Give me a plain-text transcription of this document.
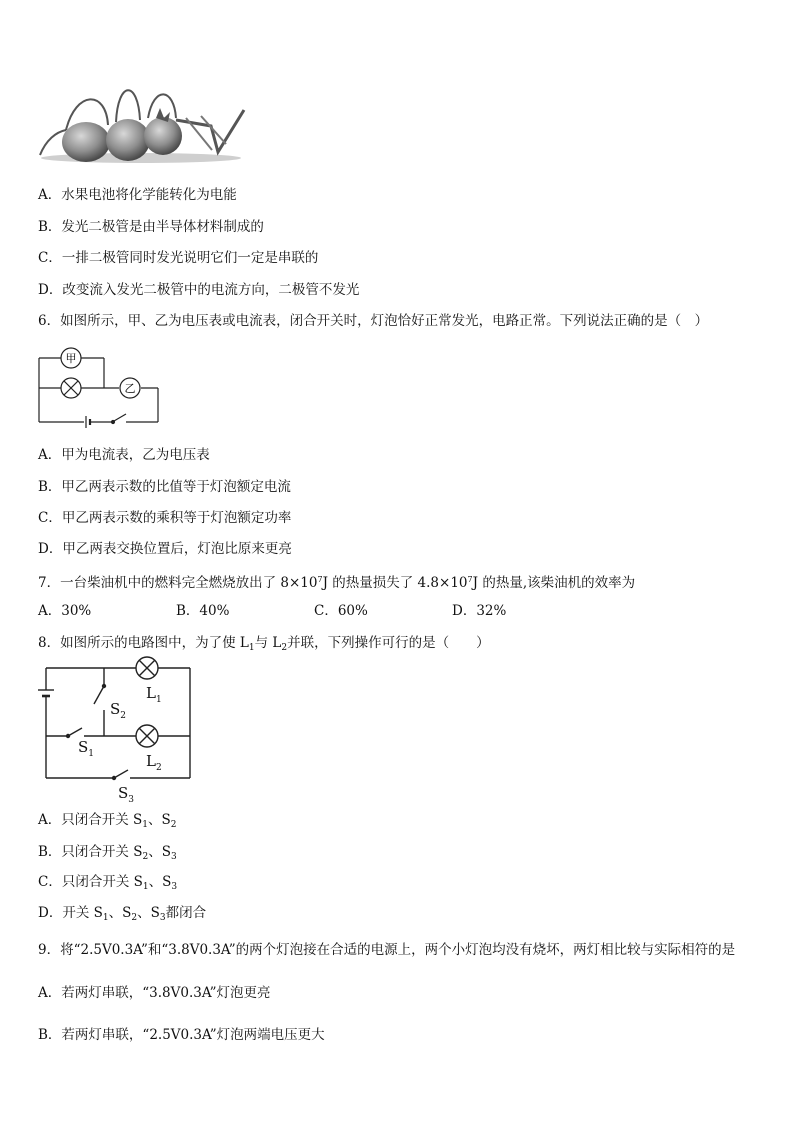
A．水果电池将化学能转化为电能
B．发光二极管是由半导体材料制成的
C．一排二极管同时发光说明它们一定是串联的
D．改变流入发光二极管中的电流方向，二极管不发光
6．如图所示，甲、乙为电压表或电流表，闭合开关时，灯泡恰好正常发光，电路正常。下列说法正确的是（　）
甲
乙
A．甲为电流表，乙为电压表
B．甲乙两表示数的比值等于灯泡额定电流
C．甲乙两表示数的乘积等于灯泡额定功率
D．甲乙两表交换位置后，灯泡比原来更亮
7．一台柴油机中的燃料完全燃烧放出了 $8\times 10^7J$ 的热量损失了 $4.8\times 10^7J$ 的热量,该柴油机的效率为
A．30%	B．40%	C．60%	D．32%
8．如图所示的电路图中，为了使 $L_1$与 $L_2$并联，下列操作可行的是（　　）
$L_1$
$S_2$
$S_1$	$L_2$
$S_3$
A．只闭合开关 $S_1$、$S_2$
B．只闭合开关 $S_2$、$S_3$
C．只闭合开关 $S_1$、$S_3$
D．开关 $S_1$、$S_2$、$S_3$都闭合
9．将“2.5V0.3A”和“3.8V0.3A”的两个灯泡接在合适的电源上，两个小灯泡均没有烧坏，两灯相比较与实际相符的是
A．若两灯串联，“3.8V0.3A”灯泡更亮
B．若两灯串联，“2.5V0.3A”灯泡两端电压更大
